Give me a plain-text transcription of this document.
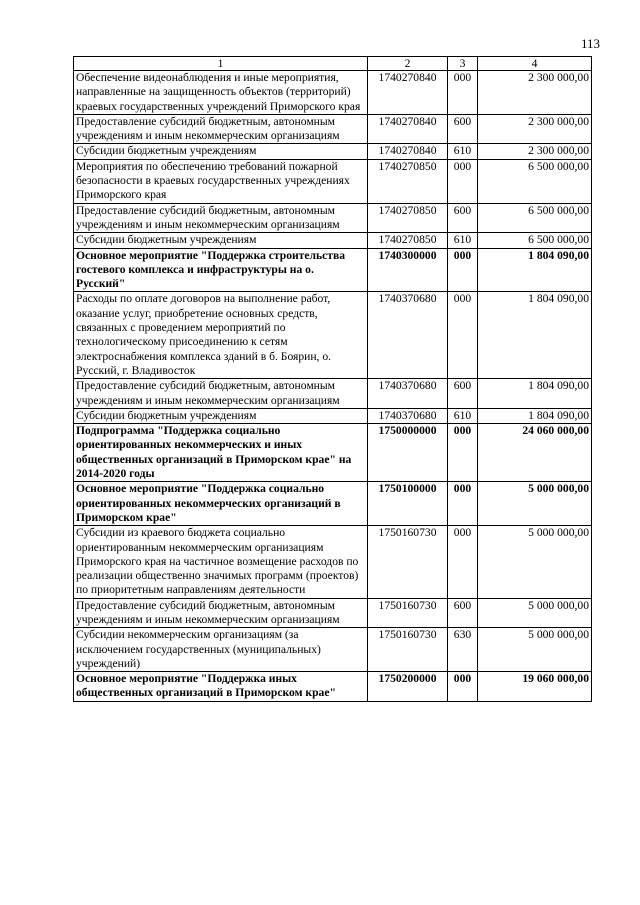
113
1	2	3	4
Обеспечение видеонаблюдения и иные мероприятия, направленные на защищенность объектов (территорий) краевых государственных учреждений Приморского края	1740270840	000	2 300 000,00
Предоставление субсидий бюджетным, автономным учреждениям и иным некоммерческим организациям	1740270840	600	2 300 000,00
Субсидии бюджетным учреждениям	1740270840	610	2 300 000,00
Мероприятия по обеспечению требований пожарной безопасности в краевых государственных учреждениях Приморского края	1740270850	000	6 500 000,00
Предоставление субсидий бюджетным, автономным учреждениям и иным некоммерческим организациям	1740270850	600	6 500 000,00
Субсидии бюджетным учреждениям	1740270850	610	6 500 000,00
Основное мероприятие "Поддержка строительства гостевого комплекса и инфраструктуры на о. Русский"	1740300000	000	1 804 090,00
Расходы по оплате договоров на выполнение работ, оказание услуг, приобретение основных средств, связанных с проведением мероприятий по технологическому присоединению к сетям электроснабжения комплекса зданий в б. Боярин, о. Русский, г. Владивосток	1740370680	000	1 804 090,00
Предоставление субсидий бюджетным, автономным учреждениям и иным некоммерческим организациям	1740370680	600	1 804 090,00
Субсидии бюджетным учреждениям	1740370680	610	1 804 090,00
Подпрограмма "Поддержка социально ориентированных некоммерческих и иных общественных организаций в Приморском крае" на 2014-2020 годы	1750000000	000	24 060 000,00
Основное мероприятие "Поддержка социально ориентированных некоммерческих организаций в Приморском крае"	1750100000	000	5 000 000,00
Субсидии из краевого бюджета социально ориентированным некоммерческим организациям Приморского края на частичное возмещение расходов по реализации общественно значимых программ (проектов) по приоритетным направлениям деятельности	1750160730	000	5 000 000,00
Предоставление субсидий бюджетным, автономным учреждениям и иным некоммерческим организациям	1750160730	600	5 000 000,00
Субсидии некоммерческим организациям (за исключением государственных (муниципальных) учреждений)	1750160730	630	5 000 000,00
Основное мероприятие "Поддержка иных общественных организаций в Приморском крае"	1750200000	000	19 060 000,00
